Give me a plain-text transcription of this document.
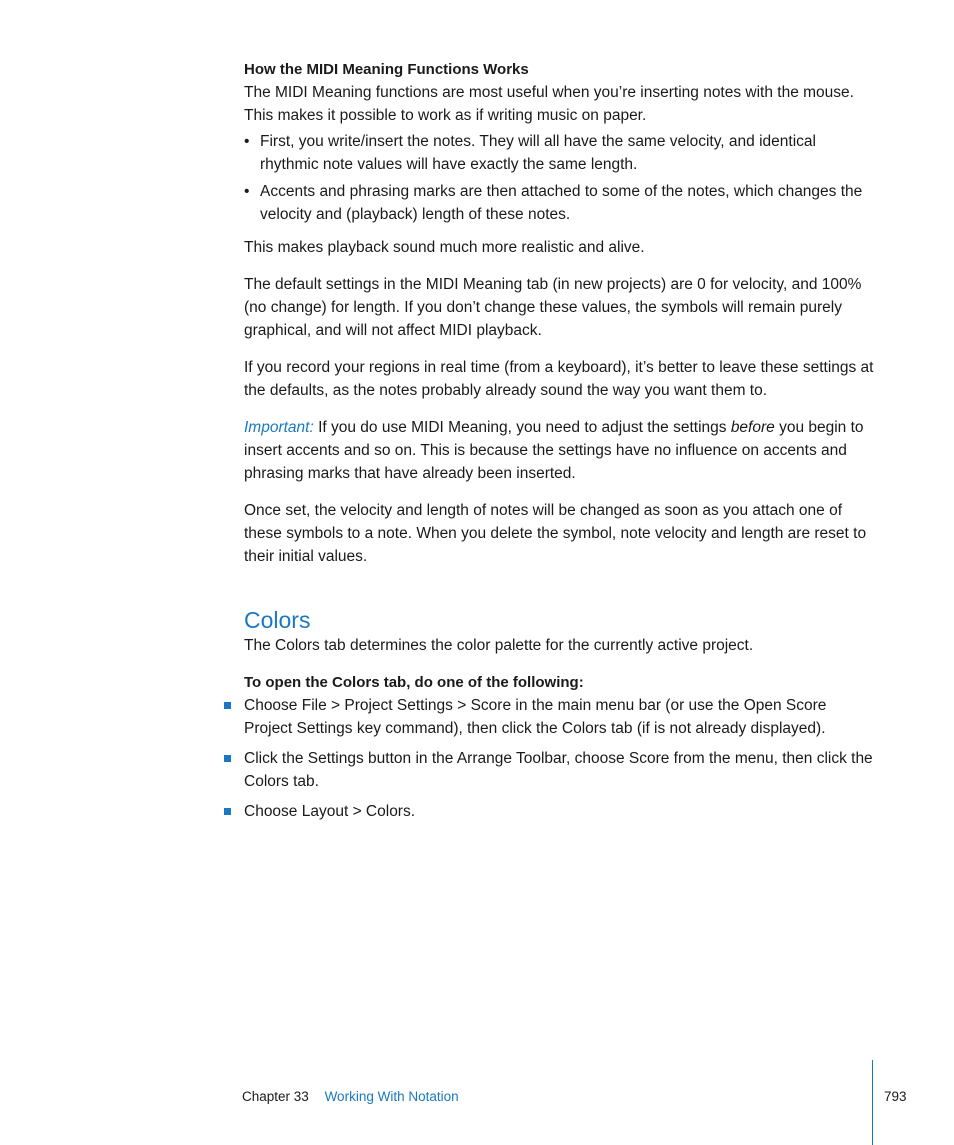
How the MIDI Meaning Functions Works

The MIDI Meaning functions are most useful when you’re inserting notes with the mouse. This makes it possible to work as if writing music on paper.

• First, you write/insert the notes. They will all have the same velocity, and identical rhythmic note values will have exactly the same length.
• Accents and phrasing marks are then attached to some of the notes, which changes the velocity and (playback) length of these notes.

This makes playback sound much more realistic and alive.

The default settings in the MIDI Meaning tab (in new projects) are 0 for velocity, and 100% (no change) for length. If you don’t change these values, the symbols will remain purely graphical, and will not affect MIDI playback.

If you record your regions in real time (from a keyboard), it’s better to leave these settings at the defaults, as the notes probably already sound the way you want them to.

Important: If you do use MIDI Meaning, you need to adjust the settings before you begin to insert accents and so on. This is because the settings have no influence on accents and phrasing marks that have already been inserted.

Once set, the velocity and length of notes will be changed as soon as you attach one of these symbols to a note. When you delete the symbol, note velocity and length are reset to their initial values.

Colors

The Colors tab determines the color palette for the currently active project.

To open the Colors tab, do one of the following:

Choose File > Project Settings > Score in the main menu bar (or use the Open Score Project Settings key command), then click the Colors tab (if is not already displayed).
Click the Settings button in the Arrange Toolbar, choose Score from the menu, then click the Colors tab.
Choose Layout > Colors.
Chapter 33 Working With Notation	793
